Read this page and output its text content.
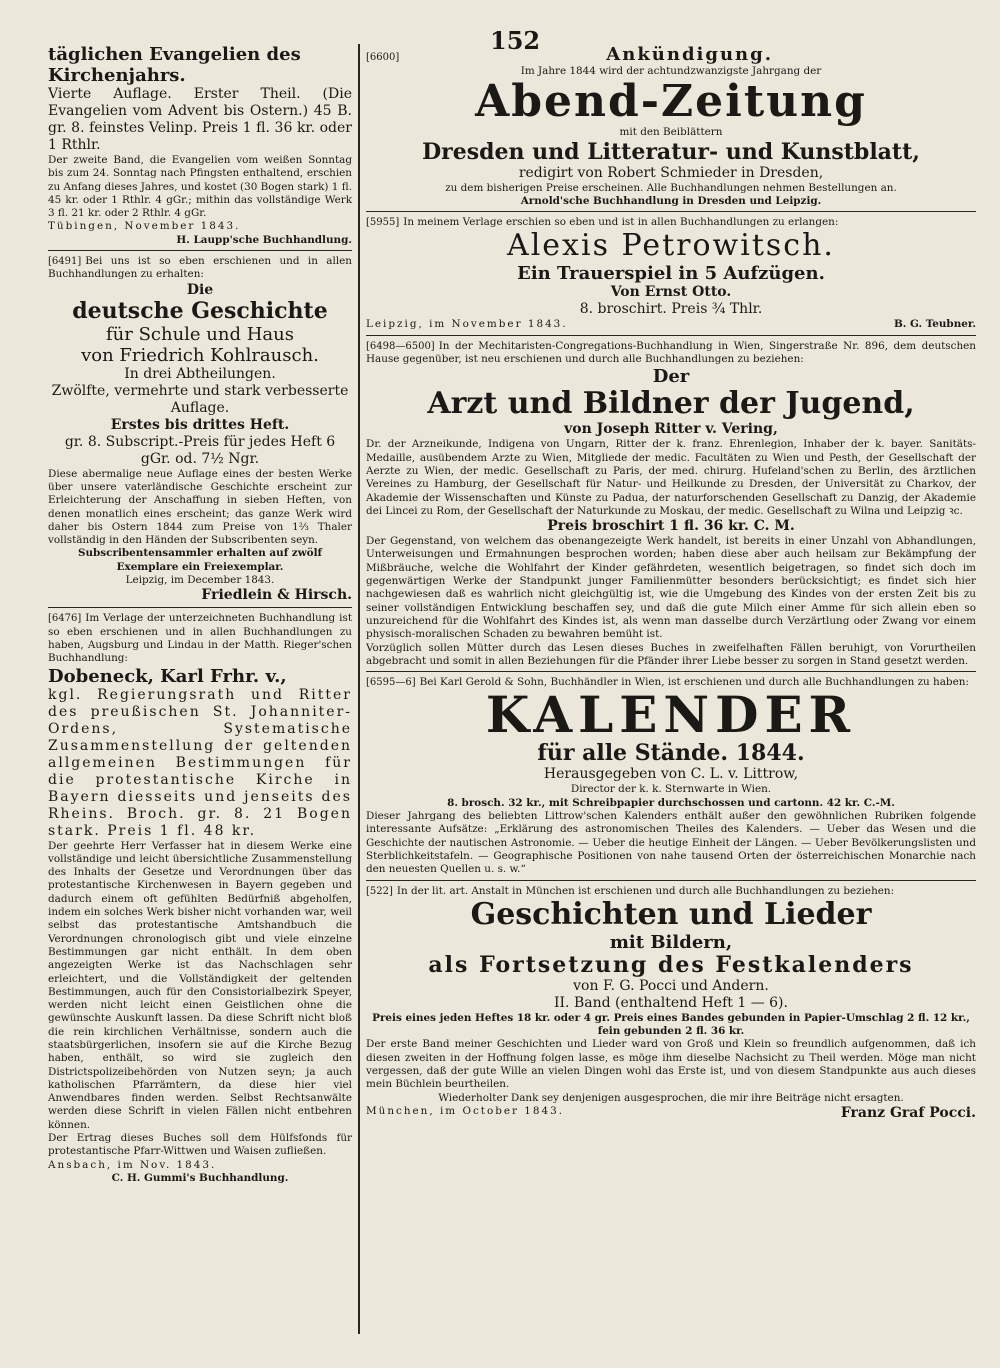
152
täglichen Evangelien des Kirchenjahrs.
Vierte Auflage. Erster Theil. (Die Evangelien vom Advent bis Ostern.) 45 B. gr. 8. feinstes Velinp. Preis 1 fl. 36 kr. oder 1 Rthlr.
Der zweite Band, die Evangelien vom weißen Sonntag bis zum 24. Sonntag nach Pfingsten enthaltend, erschien zu Anfang dieses Jahres, und kostet (30 Bogen stark) 1 fl. 45 kr. oder 1 Rthlr. 4 gGr.; mithin das vollständige Werk 3 fl. 21 kr. oder 2 Rthlr. 4 gGr.
Tübingen, November 1843.
H. Laupp'sche Buchhandlung.
[6491] Bei uns ist so eben erschienen und in allen Buchhandlungen zu erhalten:
Die
deutsche Geschichte
für Schule und Haus
von Friedrich Kohlrausch.
In drei Abtheilungen.
Zwölfte, vermehrte und stark verbesserte Auflage.
Erstes bis drittes Heft.
gr. 8. Subscript.-Preis für jedes Heft 6 gGr. od. 7½ Ngr.
Diese abermalige neue Auflage eines der besten Werke über unsere vaterländische Geschichte erscheint zur Erleichterung der Anschaffung in sieben Heften, von denen monatlich eines erscheint; das ganze Werk wird daher bis Ostern 1844 zum Preise von 1⅔ Thaler vollständig in den Händen der Subscribenten seyn.
Subscribentensammler erhalten auf zwölf Exemplare ein Freiexemplar.
Leipzig, im December 1843.
Friedlein & Hirsch.
[6476] Im Verlage der unterzeichneten Buchhandlung ist so eben erschienen und in allen Buchhandlungen zu haben, Augsburg und Lindau in der Matth. Rieger'schen Buchhandlung:
Dobeneck, Karl Frhr. v.,
kgl. Regierungsrath und Ritter des preußischen St. Johanniter-Ordens, Systematische Zusammenstellung der geltenden allgemeinen Bestimmungen für die protestantische Kirche in Bayern diesseits und jenseits des Rheins. Broch. gr. 8. 21 Bogen stark. Preis 1 fl. 48 kr.
Der geehrte Herr Verfasser hat in diesem Werke eine vollständige und leicht übersichtliche Zusammenstellung des Inhalts der Gesetze und Verordnungen über das protestantische Kirchenwesen in Bayern gegeben und dadurch einem oft gefühlten Bedürfniß abgeholfen, indem ein solches Werk bisher nicht vorhanden war, weil selbst das protestantische Amtshandbuch die Verordnungen chronologisch gibt und viele einzelne Bestimmungen gar nicht enthält. In dem oben angezeigten Werke ist das Nachschlagen sehr erleichtert, und die Vollständigkeit der geltenden Bestimmungen, auch für den Consistorialbezirk Speyer, werden nicht leicht einen Geistlichen ohne die gewünschte Auskunft lassen. Da diese Schrift nicht bloß die rein kirchlichen Verhältnisse, sondern auch die staatsbürgerlichen, insofern sie auf die Kirche Bezug haben, enthält, so wird sie zugleich den Districtspolizeibehörden von Nutzen seyn; ja auch katholischen Pfarrämtern, da diese hier viel Anwendbares finden werden. Selbst Rechtsanwälte werden diese Schrift in vielen Fällen nicht entbehren können.
Der Ertrag dieses Buches soll dem Hülfsfonds für protestantische Pfarr-Wittwen und Waisen zufließen.
Ansbach, im Nov. 1843.
C. H. Gummi's Buchhandlung.
[6600]	Ankündigung.
Im Jahre 1844 wird der achtundzwanzigste Jahrgang der
Abend-Zeitung
mit den Beiblättern
Dresden und Litteratur- und Kunstblatt,
redigirt von Robert Schmieder in Dresden,
zu dem bisherigen Preise erscheinen. Alle Buchhandlungen nehmen Bestellungen an.
Arnold'sche Buchhandlung in Dresden und Leipzig.
[5955] In meinem Verlage erschien so eben und ist in allen Buchhandlungen zu erlangen:
Alexis Petrowitsch.
Ein Trauerspiel in 5 Aufzügen.
Von Ernst Otto.
8. broschirt. Preis ¾ Thlr.
Leipzig, im November 1843.	B. G. Teubner.
[6498—6500] In der Mechitaristen-Congregations-Buchhandlung in Wien, Singerstraße Nr. 896, dem deutschen Hause gegenüber, ist neu erschienen und durch alle Buchhandlungen zu beziehen:
Der
Arzt und Bildner der Jugend,
von Joseph Ritter v. Vering,
Dr. der Arzneikunde, Indigena von Ungarn, Ritter der k. franz. Ehrenlegion, Inhaber der k. bayer. Sanitäts-Medaille, ausübendem Arzte zu Wien, Mitgliede der medic. Facultäten zu Wien und Pesth, der Gesellschaft der Aerzte zu Wien, der medic. Gesellschaft zu Paris, der med. chirurg. Hufeland'schen zu Berlin, des ärztlichen Vereines zu Hamburg, der Gesellschaft für Natur- und Heilkunde zu Dresden, der Universität zu Charkov, der Akademie der Wissenschaften und Künste zu Padua, der naturforschenden Gesellschaft zu Danzig, der Akademie dei Lincei zu Rom, der Gesellschaft der Naturkunde zu Moskau, der medic. Gesellschaft zu Wilna und Leipzig ꝛc.
Preis broschirt 1 fl. 36 kr. C. M.
Der Gegenstand, von welchem das obenangezeigte Werk handelt, ist bereits in einer Unzahl von Abhandlungen, Unterweisungen und Ermahnungen besprochen worden; haben diese aber auch heilsam zur Bekämpfung der Mißbräuche, welche die Wohlfahrt der Kinder gefährdeten, wesentlich beigetragen, so findet sich doch im gegenwärtigen Werke der Standpunkt junger Familienmütter besonders berücksichtigt; es findet sich hier nachgewiesen daß es wahrlich nicht gleichgültig ist, wie die Umgebung des Kindes von der ersten Zeit bis zu seiner vollständigen Entwicklung beschaffen sey, und daß die gute Milch einer Amme für sich allein eben so unzureichend für die Wohlfahrt des Kindes ist, als wenn man dasselbe durch Verzärtlung oder Zwang vor einem physisch-moralischen Schaden zu bewahren bemüht ist.
Vorzüglich sollen Mütter durch das Lesen dieses Buches in zweifelhaften Fällen beruhigt, von Vorurtheilen abgebracht und somit in allen Beziehungen für die Pfänder ihrer Liebe besser zu sorgen in Stand gesetzt werden.
[6595—6] Bei Karl Gerold & Sohn, Buchhändler in Wien, ist erschienen und durch alle Buchhandlungen zu haben:
KALENDER
für alle Stände. 1844.
Herausgegeben von C. L. v. Littrow,
Director der k. k. Sternwarte in Wien.
8. brosch. 32 kr., mit Schreibpapier durchschossen und cartonn. 42 kr. C.-M.
Dieser Jahrgang des beliebten Littrow'schen Kalenders enthält außer den gewöhnlichen Rubriken folgende interessante Aufsätze: „Erklärung des astronomischen Theiles des Kalenders. — Ueber das Wesen und die Geschichte der nautischen Astronomie. — Ueber die heutige Einheit der Längen. — Ueber Bevölkerungslisten und Sterblichkeitstafeln. — Geographische Positionen von nahe tausend Orten der österreichischen Monarchie nach den neuesten Quellen u. s. w.“
[522] In der lit. art. Anstalt in München ist erschienen und durch alle Buchhandlungen zu beziehen:
Geschichten und Lieder
mit Bildern,
als Fortsetzung des Festkalenders
von F. G. Pocci und Andern.
II. Band (enthaltend Heft 1 — 6).
Preis eines jeden Heftes 18 kr. oder 4 gr. Preis eines Bandes gebunden in Papier-Umschlag 2 fl. 12 kr., fein gebunden 2 fl. 36 kr.
Der erste Band meiner Geschichten und Lieder ward von Groß und Klein so freundlich aufgenommen, daß ich diesen zweiten in der Hoffnung folgen lasse, es möge ihm dieselbe Nachsicht zu Theil werden. Möge man nicht vergessen, daß der gute Wille an vielen Dingen wohl das Erste ist, und von diesem Standpunkte aus auch dieses mein Büchlein beurtheilen.
Wiederholter Dank sey denjenigen ausgesprochen, die mir ihre Beiträge nicht ersagten.
München, im October 1843.	Franz Graf Pocci.
